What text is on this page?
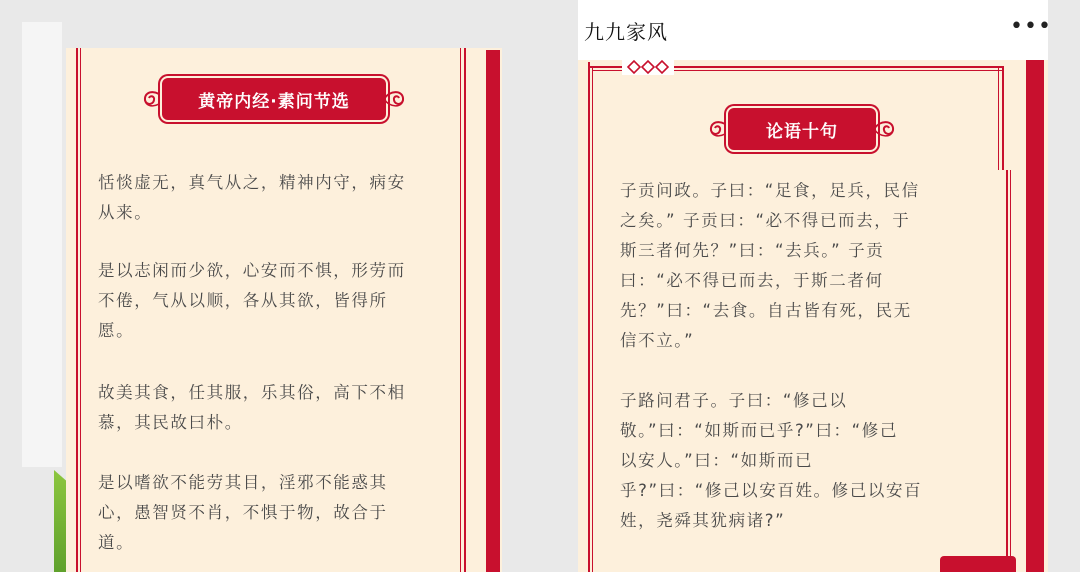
黄帝内经·素问节选

恬惔虚无，真气从之，精神内守，病安
从来。

是以志闲而少欲，心安而不惧，形劳而
不倦，气从以顺，各从其欲，皆得所
愿。

故美其食，任其服，乐其俗，高下不相
慕，其民故曰朴。

是以嗜欲不能劳其目，淫邪不能惑其
心，愚智贤不肖，不惧于物，故合于
道。

九九家风	•••
论语十句

子贡问政。子曰：“足食，足兵，民信
之矣。” 子贡曰：“必不得已而去，于
斯三者何先？”曰：“去兵。” 子贡
曰：“必不得已而去，于斯二者何
先？”曰：“去食。自古皆有死，民无
信不立。”

子路问君子。子曰：“修己以
敬。”曰：“如斯而已乎?”曰：“修己
以安人。”曰：“如斯而已
乎?”曰：“修己以安百姓。修己以安百
姓，尧舜其犹病诸?”
